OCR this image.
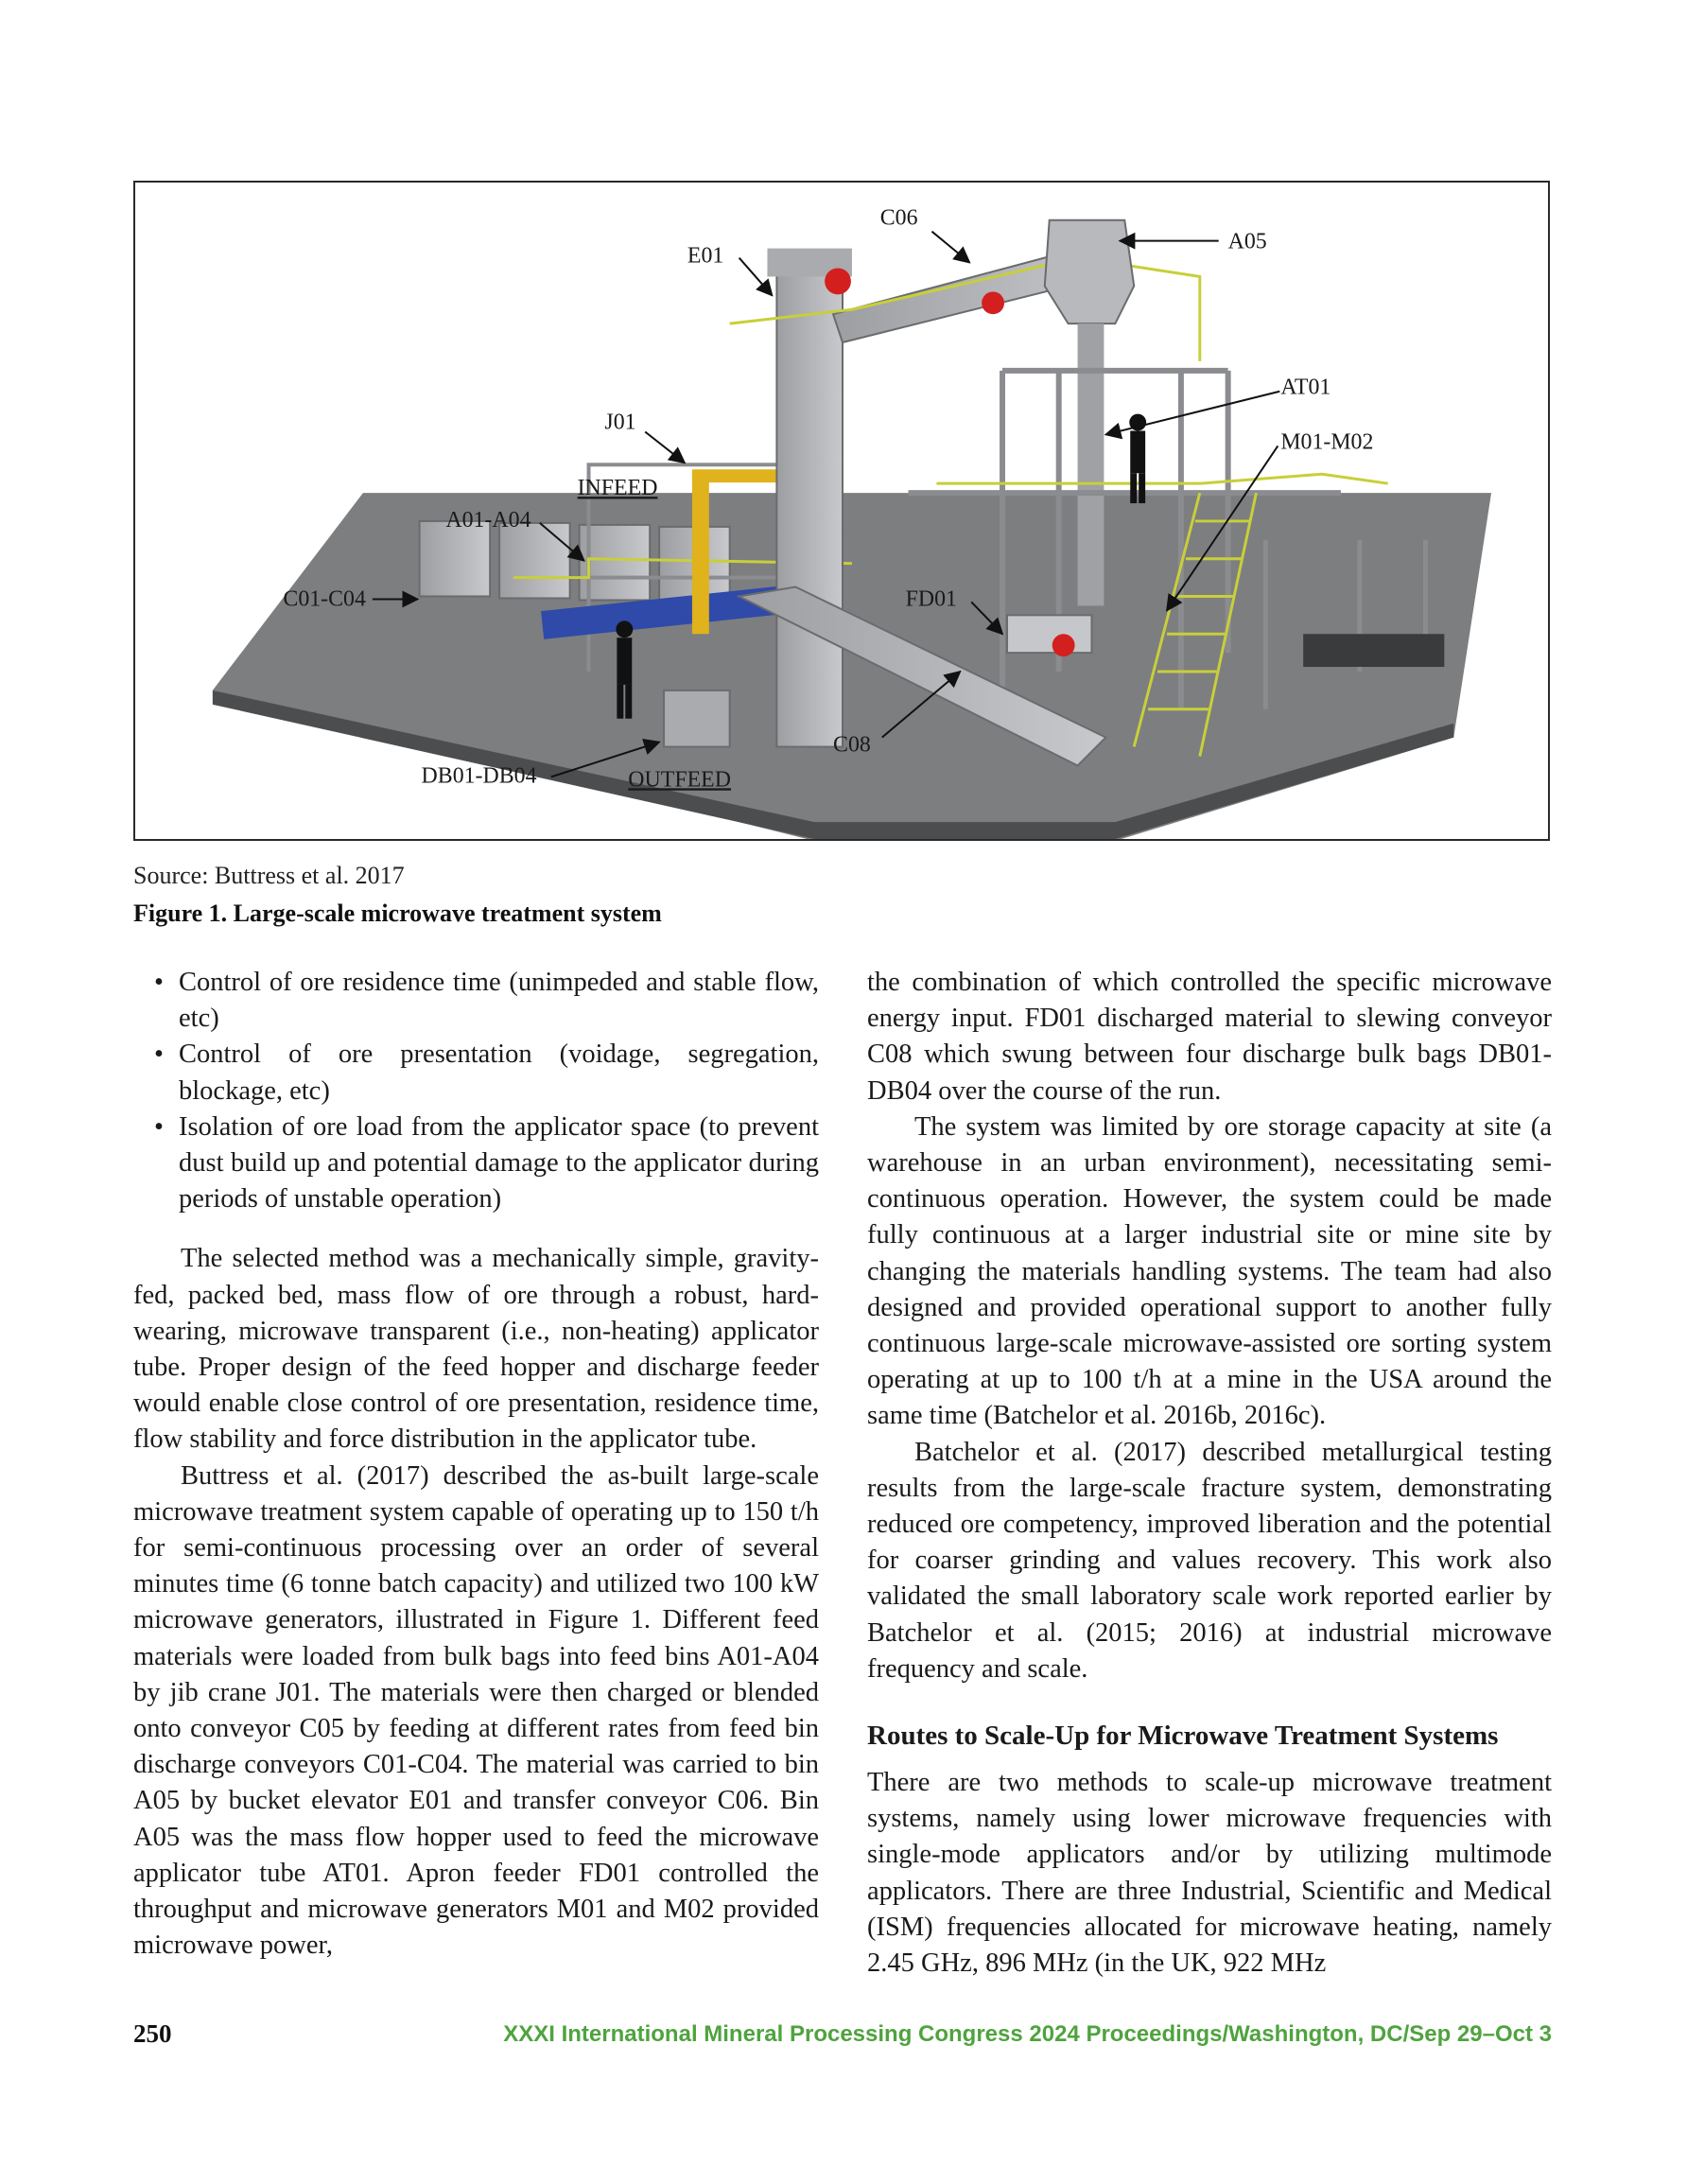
C06
E01
A05
AT01
M01-M02
J01
INFEED
A01-A04
C01-C04	FD01
C08
DB01-DB04	OUTFEED
Source: Buttress et al. 2017
Figure 1. Large-scale microwave treatment system
• Control of ore residence time (unimpeded and stable flow, etc)
• Control of ore presentation (voidage, segregation, blockage, etc)
• Isolation of ore load from the applicator space (to prevent dust build up and potential damage to the applicator during periods of unstable operation)

The selected method was a mechanically simple, gravity-fed, packed bed, mass flow of ore through a robust, hard-wearing, microwave transparent (i.e., non-heating) applicator tube. Proper design of the feed hopper and discharge feeder would enable close control of ore presentation, residence time, flow stability and force distribution in the applicator tube.

Buttress et al. (2017) described the as-built large-scale microwave treatment system capable of operating up to 150 t/h for semi-continuous processing over an order of several minutes time (6 tonne batch capacity) and utilized two 100 kW microwave generators, illustrated in Figure 1. Different feed materials were loaded from bulk bags into feed bins A01-A04 by jib crane J01. The materials were then charged or blended onto conveyor C05 by feeding at different rates from feed bin discharge conveyors C01-C04. The material was carried to bin A05 by bucket elevator E01 and transfer conveyor C06. Bin A05 was the mass flow hopper used to feed the microwave applicator tube AT01. Apron feeder FD01 controlled the throughput and microwave generators M01 and M02 provided microwave power,

the combination of which controlled the specific microwave energy input. FD01 discharged material to slewing conveyor C08 which swung between four discharge bulk bags DB01-DB04 over the course of the run.

The system was limited by ore storage capacity at site (a warehouse in an urban environment), necessitating semi-continuous operation. However, the system could be made fully continuous at a larger industrial site or mine site by changing the materials handling systems. The team had also designed and provided operational support to another fully continuous large-scale microwave-assisted ore sorting system operating at up to 100 t/h at a mine in the USA around the same time (Batchelor et al. 2016b, 2016c).

Batchelor et al. (2017) described metallurgical testing results from the large-scale fracture system, demonstrating reduced ore competency, improved liberation and the potential for coarser grinding and values recovery. This work also validated the small laboratory scale work reported earlier by Batchelor et al. (2015; 2016) at industrial microwave frequency and scale.

Routes to Scale-Up for Microwave Treatment Systems

There are two methods to scale-up microwave treatment systems, namely using lower microwave frequencies with single-mode applicators and/or by utilizing multimode applicators. There are three Industrial, Scientific and Medical (ISM) frequencies allocated for microwave heating, namely 2.45 GHz, 896 MHz (in the UK, 922 MHz

250	XXXI International Mineral Processing Congress 2024 Proceedings/Washington, DC/Sep 29–Oct 3
